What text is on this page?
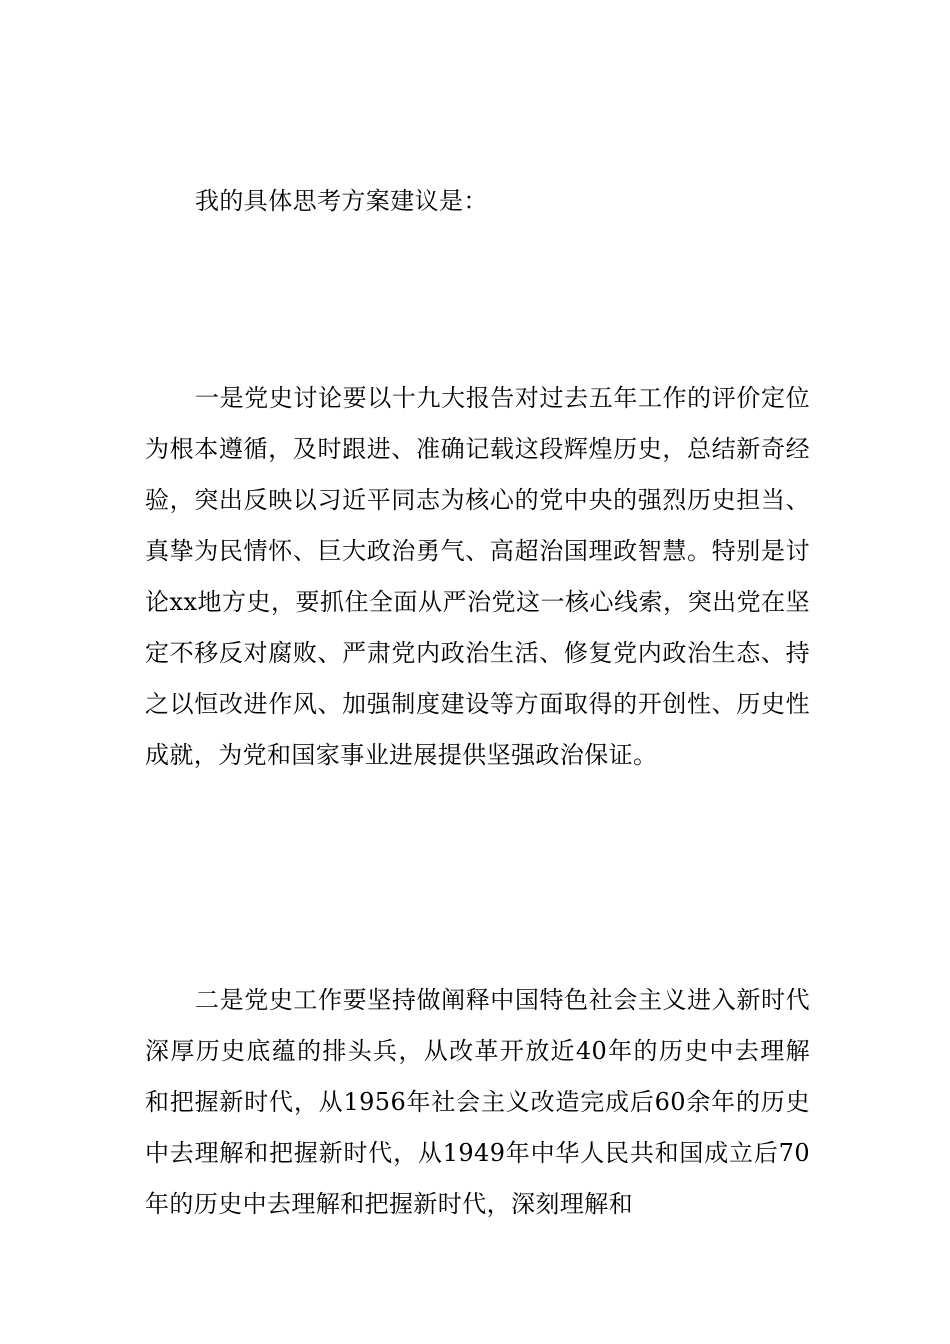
我的具体思考方案建议是：

一是党史讨论要以十九大报告对过去五年工作的评价定位为根本遵循，及时跟进、准确记载这段辉煌历史，总结新奇经验，突出反映以习近平同志为核心的党中央的强烈历史担当、真挚为民情怀、巨大政治勇气、高超治国理政智慧。特别是讨论xx地方史，要抓住全面从严治党这一核心线索，突出党在坚定不移反对腐败、严肃党内政治生活、修复党内政治生态、持之以恒改进作风、加强制度建设等方面取得的开创性、历史性成就，为党和国家事业进展提供坚强政治保证。

二是党史工作要坚持做阐释中国特色社会主义进入新时代深厚历史底蕴的排头兵，从改革开放近40年的历史中去理解和把握新时代，从1956年社会主义改造完成后60余年的历史中去理解和把握新时代，从1949年中华人民共和国成立后70年的历史中去理解和把握新时代，深刻理解和
